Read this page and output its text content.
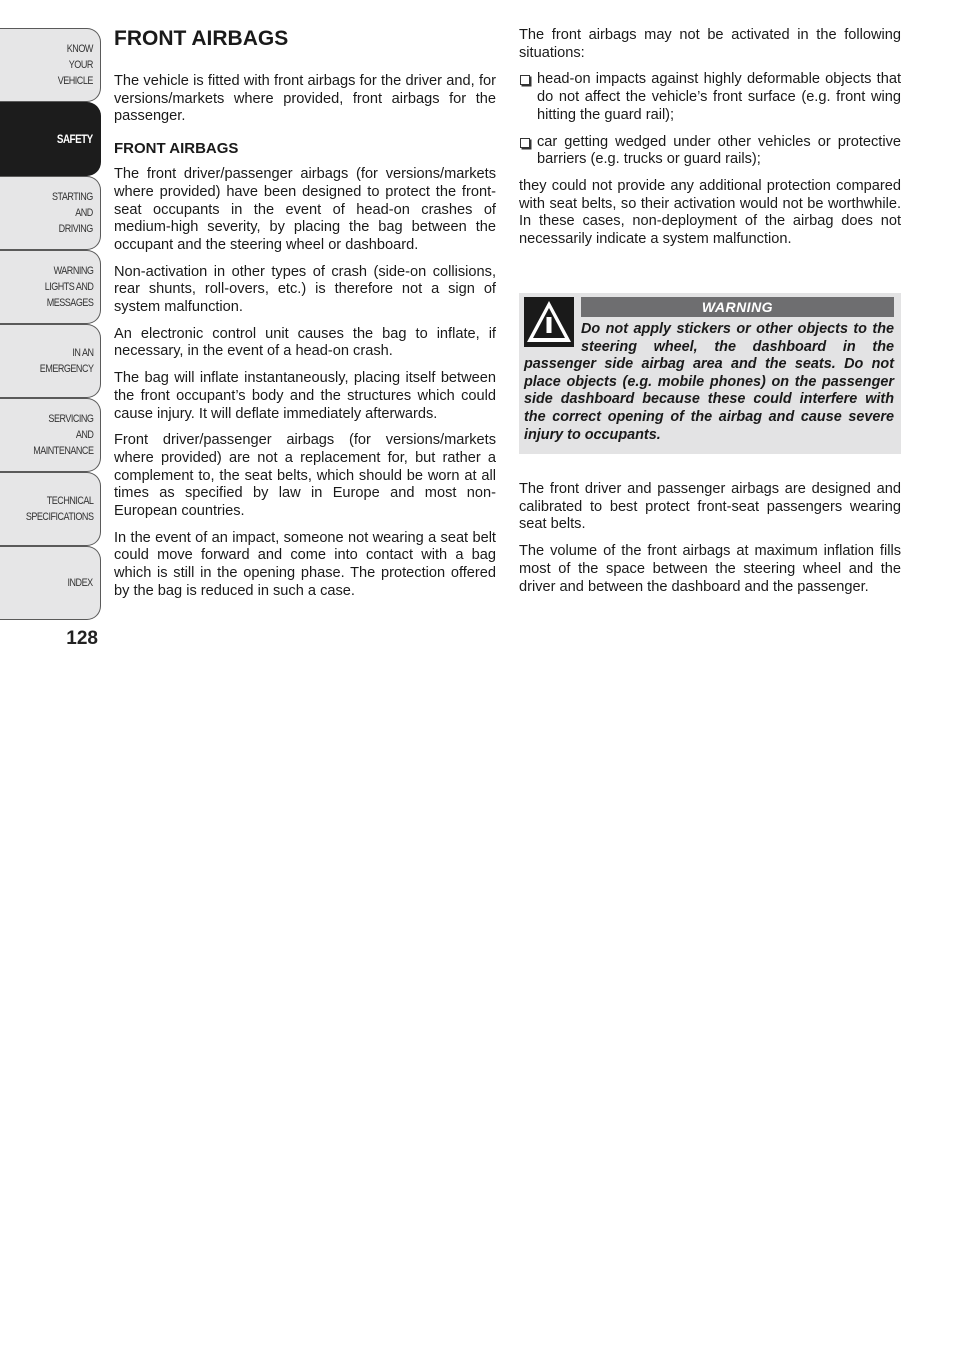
KNOW
YOUR
VEHICLE
SAFETY
STARTING
AND
DRIVING
WARNING
LIGHTS AND
MESSAGES
IN AN
EMERGENCY
SERVICING
AND
MAINTENANCE
TECHNICAL
SPECIFICATIONS
INDEX
128
FRONT AIRBAGS

The vehicle is fitted with front airbags for the driver and, for versions/markets where provided, front airbags for the passenger.

FRONT AIRBAGS

The front driver/passenger airbags (for versions/markets where provided) have been designed to protect the front-seat occupants in the event of head-on crashes of medium-high severity, by placing the bag between the occupant and the steering wheel or dashboard.

Non-activation in other types of crash (side-on collisions, rear shunts, roll-overs, etc.) is therefore not a sign of system malfunction.

An electronic control unit causes the bag to inflate, if necessary, in the event of a head-on crash.

The bag will inflate instantaneously, placing itself between the front occupant’s body and the structures which could cause injury. It will deflate immediately afterwards.

Front driver/passenger airbags (for versions/markets where provided) are not a replacement for, but rather a complement to, the seat belts, which should be worn at all times as specified by law in Europe and most non-European countries.

In the event of an impact, someone not wearing a seat belt could move forward and come into contact with a bag which is still in the opening phase. The protection offered by the bag is reduced in such a case.

The front airbags may not be activated in the following situations:

head-on impacts against highly deformable objects that do not affect the vehicle’s front surface (e.g. front wing hitting the guard rail);
car getting wedged under other vehicles or protective barriers (e.g. trucks or guard rails);

they could not provide any additional protection compared with seat belts, so their activation would not be worthwhile. In these cases, non-deployment of the airbag does not necessarily indicate a system malfunction.

WARNING

Do not apply stickers or other objects to the steering wheel, the dashboard in the passenger side airbag area and the seats. Do not place objects (e.g. mobile phones) on the passenger side dashboard because these could interfere with the correct opening of the airbag and cause severe injury to occupants.

The front driver and passenger airbags are designed and calibrated to best protect front-seat passengers wearing seat belts.

The volume of the front airbags at maximum inflation fills most of the space between the steering wheel and the driver and between the dashboard and the passenger.
